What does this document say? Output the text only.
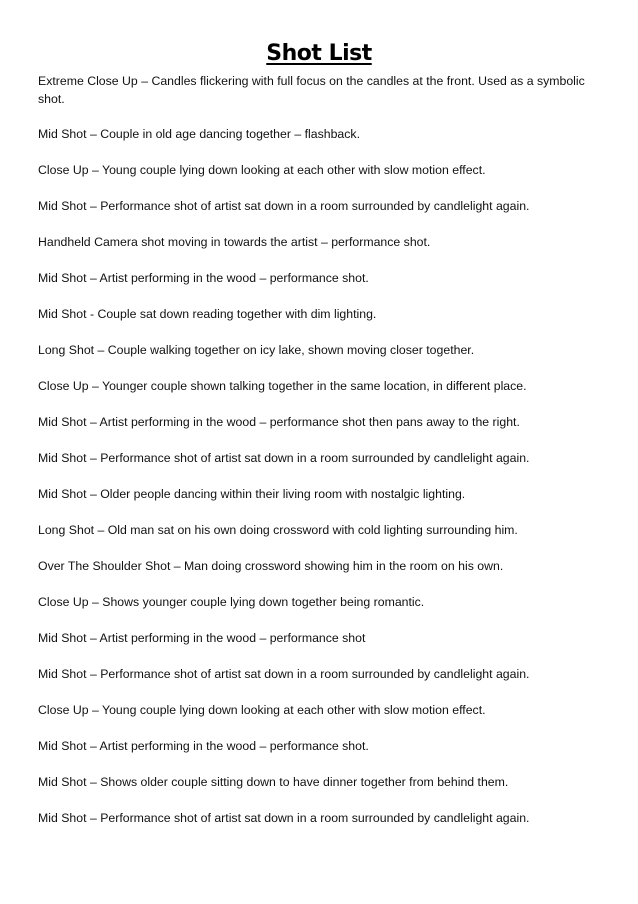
Shot List

Extreme Close Up – Candles flickering with full focus on the candles at the front. Used as a symbolic shot.

Mid Shot – Couple in old age dancing together – flashback.

Close Up – Young couple lying down looking at each other with slow motion effect.

Mid Shot – Performance shot of artist sat down in a room surrounded by candlelight again.

Handheld Camera shot moving in towards the artist – performance shot.

Mid Shot – Artist performing in the wood – performance shot.

Mid Shot - Couple sat down reading together with dim lighting.

Long Shot – Couple walking together on icy lake, shown moving closer together.

Close Up – Younger couple shown talking together in the same location, in different place.

Mid Shot – Artist performing in the wood – performance shot then pans away to the right.

Mid Shot – Performance shot of artist sat down in a room surrounded by candlelight again.

Mid Shot – Older people dancing within their living room with nostalgic lighting.

Long Shot – Old man sat on his own doing crossword with cold lighting surrounding him.

Over The Shoulder Shot – Man doing crossword showing him in the room on his own.

Close Up – Shows younger couple lying down together being romantic.

Mid Shot – Artist performing in the wood – performance shot

Mid Shot – Performance shot of artist sat down in a room surrounded by candlelight again.

Close Up – Young couple lying down looking at each other with slow motion effect.

Mid Shot – Artist performing in the wood – performance shot.

Mid Shot – Shows older couple sitting down to have dinner together from behind them.

Mid Shot – Performance shot of artist sat down in a room surrounded by candlelight again.
